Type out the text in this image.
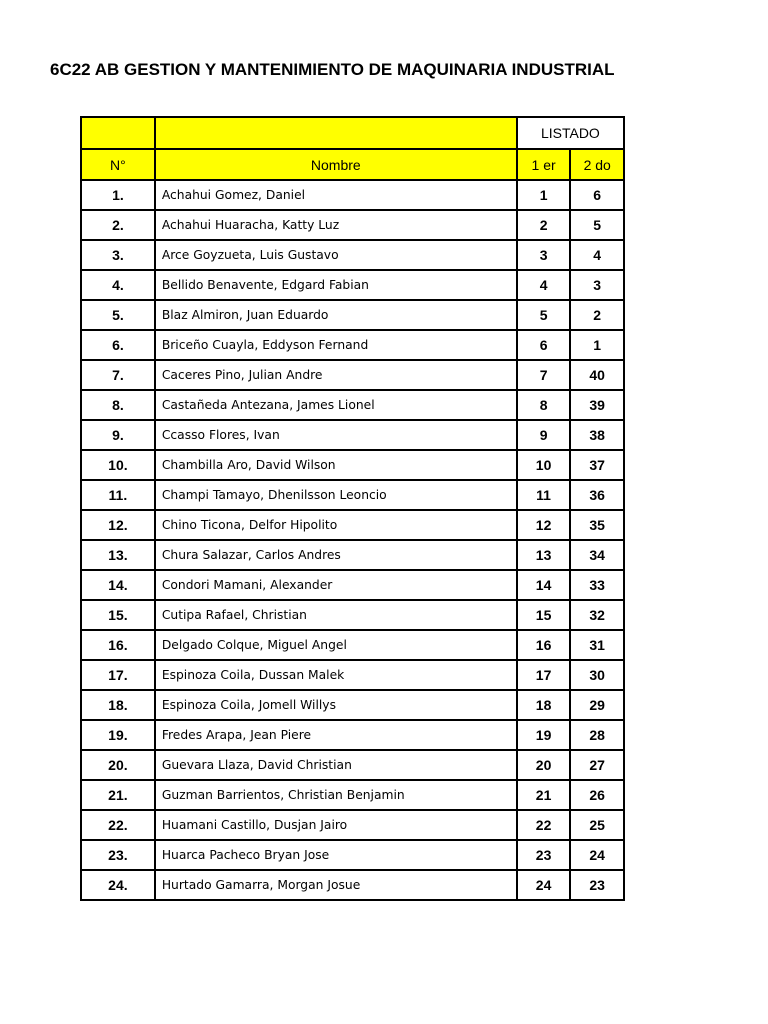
6C22 AB GESTION Y MANTENIMIENTO DE MAQUINARIA INDUSTRIAL
		LISTADO	
N°	Nombre	1 er	2 do
1.	Achahui Gomez, Daniel	1	6
2.	Achahui Huaracha, Katty Luz	2	5
3.	Arce Goyzueta, Luis Gustavo	3	4
4.	Bellido Benavente, Edgard Fabian	4	3
5.	Blaz Almiron, Juan Eduardo	5	2
6.	Briceño Cuayla, Eddyson Fernand	6	1
7.	Caceres Pino, Julian Andre	7	40
8.	Castañeda Antezana, James Lionel	8	39
9.	Ccasso Flores, Ivan	9	38
10.	Chambilla Aro, David Wilson	10	37
11.	Champi Tamayo, Dhenilsson Leoncio	11	36
12.	Chino Ticona, Delfor Hipolito	12	35
13.	Chura Salazar, Carlos Andres	13	34
14.	Condori Mamani, Alexander	14	33
15.	Cutipa Rafael, Christian	15	32
16.	Delgado Colque, Miguel Angel	16	31
17.	Espinoza Coila, Dussan Malek	17	30
18.	Espinoza Coila, Jomell Willys	18	29
19.	Fredes Arapa, Jean Piere	19	28
20.	Guevara Llaza, David Christian	20	27
21.	Guzman Barrientos, Christian Benjamin	21	26
22.	Huamani Castillo, Dusjan Jairo	22	25
23.	Huarca Pacheco Bryan Jose	23	24
24.	Hurtado Gamarra, Morgan Josue	24	23
